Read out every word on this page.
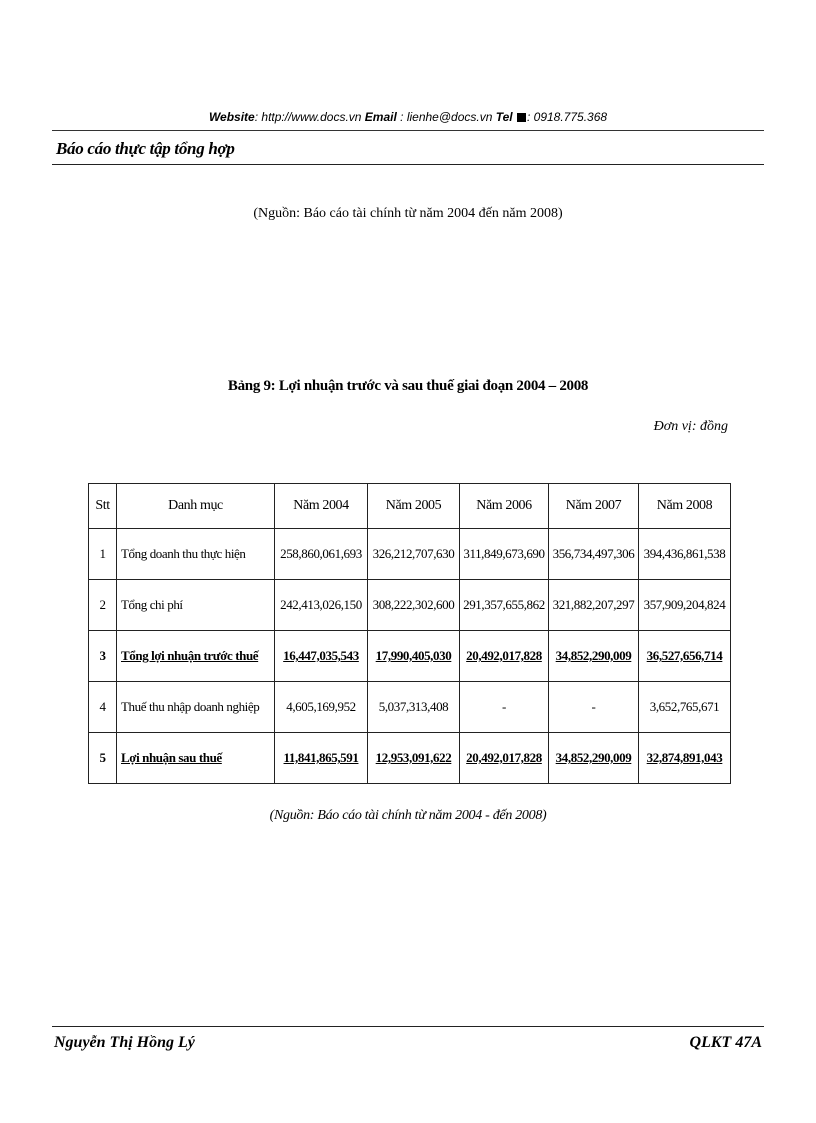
Website: http://www.docs.vn Email : lienhe@docs.vn Tel : 0918.775.368
Báo cáo thực tập tổng hợp
(Nguồn: Báo cáo tài chính từ năm 2004 đến năm 2008)
Bảng 9: Lợi nhuận trước và sau thuế giai đoạn 2004 – 2008
Đơn vị: đồng
Stt	Danh mục	Năm 2004	Năm 2005	Năm 2006	Năm 2007	Năm 2008
1	Tổng doanh thu thực hiện	258,860,061,693	326,212,707,630	311,849,673,690	356,734,497,306	394,436,861,538
2	Tổng chi phí	242,413,026,150	308,222,302,600	291,357,655,862	321,882,207,297	357,909,204,824
3	Tổng lợi nhuận trước thuế	16,447,035,543	17,990,405,030	20,492,017,828	34,852,290,009	36,527,656,714
4	Thuế thu nhập doanh nghiệp	4,605,169,952	5,037,313,408	-	-	3,652,765,671
5	Lợi nhuận sau thuế	11,841,865,591	12,953,091,622	20,492,017,828	34,852,290,009	32,874,891,043
(Nguồn: Báo cáo tài chính từ năm 2004 - đến 2008)
Nguyễn Thị Hồng Lý	QLKT 47A
